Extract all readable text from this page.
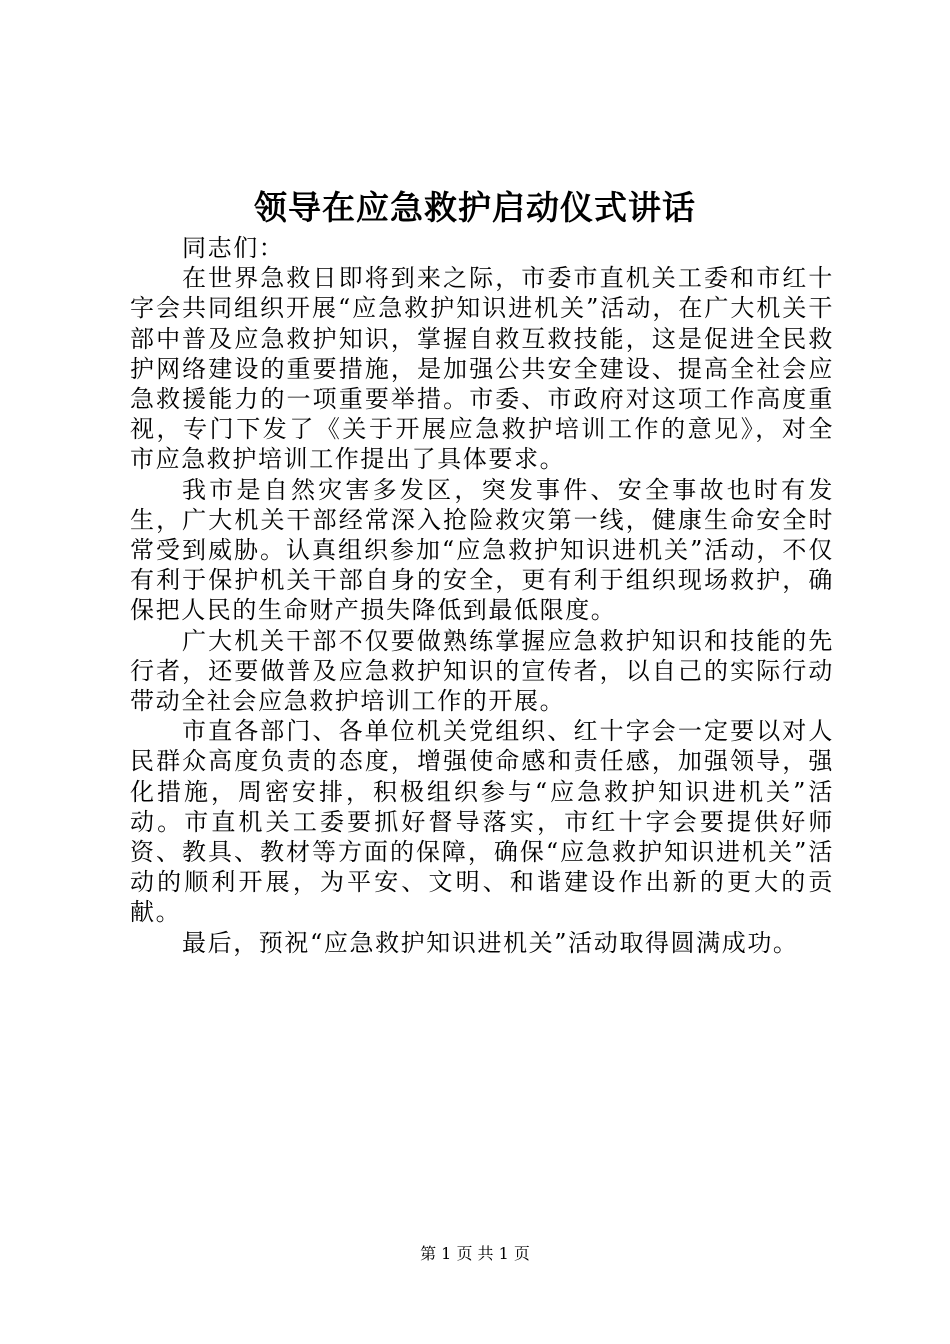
领导在应急救护启动仪式讲话

同志们：

在世界急救日即将到来之际，市委市直机关工委和市红十字会共同组织开展“应急救护知识进机关”活动，在广大机关干部中普及应急救护知识，掌握自救互救技能，这是促进全民救护网络建设的重要措施，是加强公共安全建设、提高全社会应急救援能力的一项重要举措。市委、市政府对这项工作高度重视，专门下发了《关于开展应急救护培训工作的意见》，对全市应急救护培训工作提出了具体要求。

我市是自然灾害多发区，突发事件、安全事故也时有发生，广大机关干部经常深入抢险救灾第一线，健康生命安全时常受到威胁。认真组织参加“应急救护知识进机关”活动，不仅有利于保护机关干部自身的安全，更有利于组织现场救护，确保把人民的生命财产损失降低到最低限度。

广大机关干部不仅要做熟练掌握应急救护知识和技能的先行者，还要做普及应急救护知识的宣传者，以自己的实际行动带动全社会应急救护培训工作的开展。

市直各部门、各单位机关党组织、红十字会一定要以对人民群众高度负责的态度，增强使命感和责任感，加强领导，强化措施，周密安排，积极组织参与“应急救护知识进机关”活动。市直机关工委要抓好督导落实，市红十字会要提供好师资、教具、教材等方面的保障，确保“应急救护知识进机关”活动的顺利开展，为平安、文明、和谐建设作出新的更大的贡献。

最后，预祝“应急救护知识进机关”活动取得圆满成功。

第 1 页 共 1 页
